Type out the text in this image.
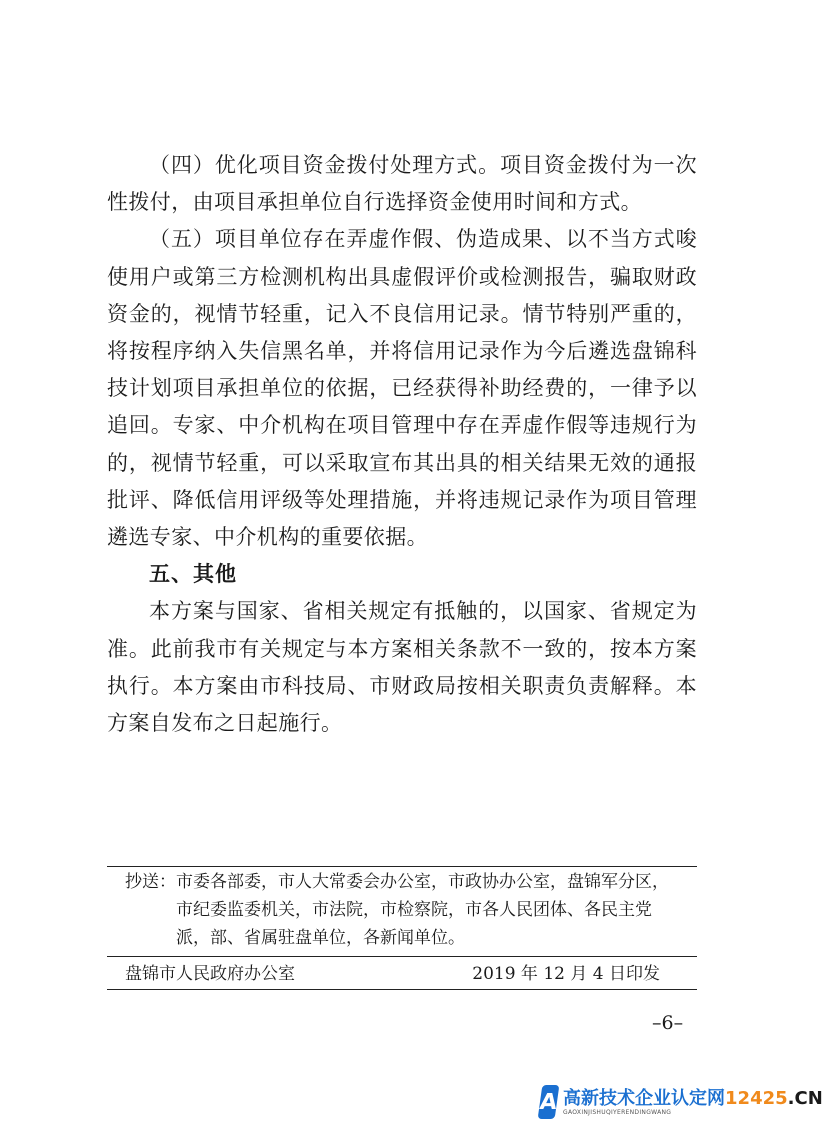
（四）优化项目资金拨付处理方式。项目资金拨付为一次性拨付，由项目承担单位自行选择资金使用时间和方式。

（五）项目单位存在弄虚作假、伪造成果、以不当方式唆使用户或第三方检测机构出具虚假评价或检测报告，骗取财政资金的，视情节轻重，记入不良信用记录。情节特别严重的，将按程序纳入失信黑名单，并将信用记录作为今后遴选盘锦科技计划项目承担单位的依据，已经获得补助经费的，一律予以追回。专家、中介机构在项目管理中存在弄虚作假等违规行为的，视情节轻重，可以采取宣布其出具的相关结果无效的通报批评、降低信用评级等处理措施，并将违规记录作为项目管理遴选专家、中介机构的重要依据。

五、其他

本方案与国家、省相关规定有抵触的，以国家、省规定为准。此前我市有关规定与本方案相关条款不一致的，按本方案执行。本方案由市科技局、市财政局按相关职责负责解释。本方案自发布之日起施行。

抄送： 市委各部委，市人大常委会办公室，市政协办公室，盘锦军分区，市纪委监委机关，市法院，市检察院，市各人民团体、各民主党派，部、省属驻盘单位，各新闻单位。
盘锦市人民政府办公室	2019 年 12 月 4 日印发
–6–
A 高新技术企业认定网12425.CN
GAOXINJISHUQIYERENDINGWANG
